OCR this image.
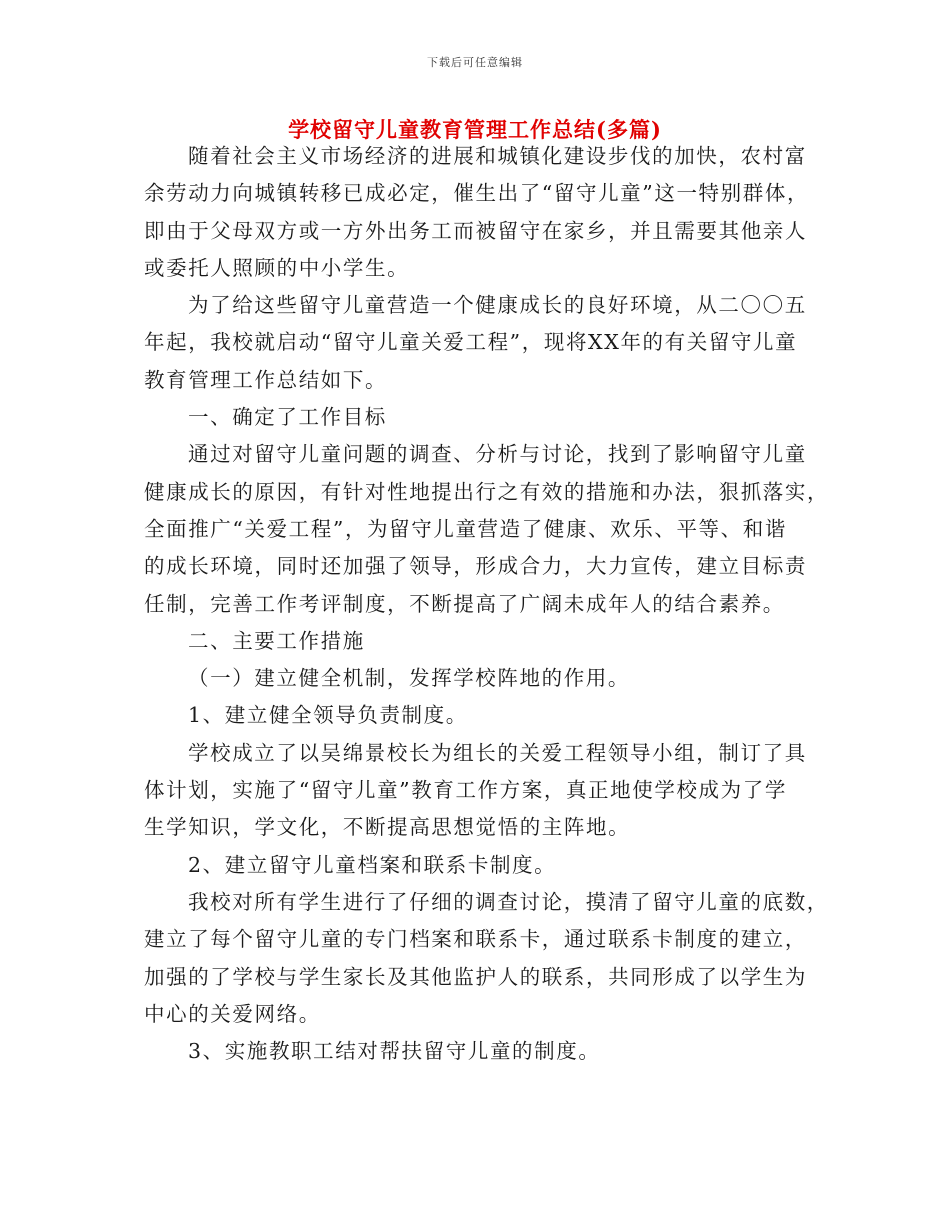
下载后可任意编辑
学校留守儿童教育管理工作总结(多篇)
随着社会主义市场经济的进展和城镇化建设步伐的加快，农村富
余劳动力向城镇转移已成必定，催生出了“留守儿童”这一特别群体，
即由于父母双方或一方外出务工而被留守在家乡，并且需要其他亲人
或委托人照顾的中小学生。
为了给这些留守儿童营造一个健康成长的良好环境，从二〇〇五
年起，我校就启动“留守儿童关爱工程”，现将XX年的有关留守儿童
教育管理工作总结如下。
一、确定了工作目标
通过对留守儿童问题的调查、分析与讨论，找到了影响留守儿童
健康成长的原因，有针对性地提出行之有效的措施和办法，狠抓落实，
全面推广“关爱工程”，为留守儿童营造了健康、欢乐、平等、和谐
的成长环境，同时还加强了领导，形成合力，大力宣传，建立目标责
任制，完善工作考评制度，不断提高了广阔未成年人的结合素养。
二、主要工作措施
（一）建立健全机制，发挥学校阵地的作用。
1、建立健全领导负责制度。
学校成立了以吴绵景校长为组长的关爱工程领导小组，制订了具
体计划，实施了“留守儿童”教育工作方案，真正地使学校成为了学
生学知识，学文化，不断提高思想觉悟的主阵地。
2、建立留守儿童档案和联系卡制度。
我校对所有学生进行了仔细的调查讨论，摸清了留守儿童的底数，
建立了每个留守儿童的专门档案和联系卡，通过联系卡制度的建立，
加强的了学校与学生家长及其他监护人的联系，共同形成了以学生为
中心的关爱网络。
3、实施教职工结对帮扶留守儿童的制度。
